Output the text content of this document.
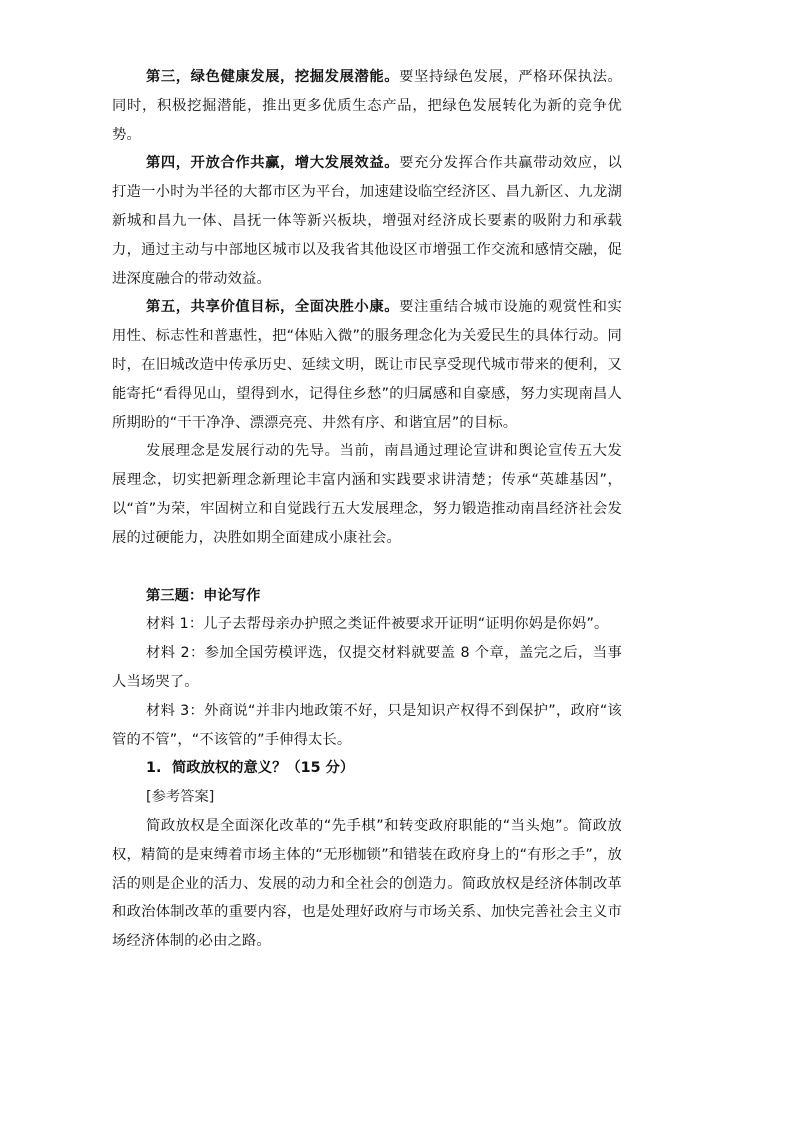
第三，绿色健康发展，挖掘发展潜能。要坚持绿色发展，严格环保执法。同时，积极挖掘潜能，推出更多优质生态产品，把绿色发展转化为新的竞争优势。

第四，开放合作共赢，增大发展效益。要充分发挥合作共赢带动效应，以打造一小时为半径的大都市区为平台，加速建设临空经济区、昌九新区、九龙湖新城和昌九一体、昌抚一体等新兴板块，增强对经济成长要素的吸附力和承载力，通过主动与中部地区城市以及我省其他设区市增强工作交流和感情交融，促进深度融合的带动效益。

第五，共享价值目标，全面决胜小康。要注重结合城市设施的观赏性和实用性、标志性和普惠性，把“体贴入微”的服务理念化为关爱民生的具体行动。同时，在旧城改造中传承历史、延续文明，既让市民享受现代城市带来的便利，又能寄托“看得见山，望得到水，记得住乡愁”的归属感和自豪感，努力实现南昌人所期盼的“干干净净、漂漂亮亮、井然有序、和谐宜居”的目标。

发展理念是发展行动的先导。当前，南昌通过理论宣讲和舆论宣传五大发展理念，切实把新理念新理论丰富内涵和实践要求讲清楚；传承“英雄基因”，以“首”为荣，牢固树立和自觉践行五大发展理念，努力锻造推动南昌经济社会发展的过硬能力，决胜如期全面建成小康社会。

第三题：申论写作

材料 1：儿子去帮母亲办护照之类证件被要求开证明“证明你妈是你妈”。

材料 2：参加全国劳模评选，仅提交材料就要盖 8 个章，盖完之后，当事人当场哭了。

材料 3：外商说“并非内地政策不好，只是知识产权得不到保护”，政府“该管的不管”，“不该管的”手伸得太长。

1. 简政放权的意义？（15 分）

[参考答案]

简政放权是全面深化改革的“先手棋”和转变政府职能的“当头炮”。简政放权，精简的是束缚着市场主体的“无形枷锁”和错装在政府身上的“有形之手”，放活的则是企业的活力、发展的动力和全社会的创造力。简政放权是经济体制改革和政治体制改革的重要内容，也是处理好政府与市场关系、加快完善社会主义市场经济体制的必由之路。
